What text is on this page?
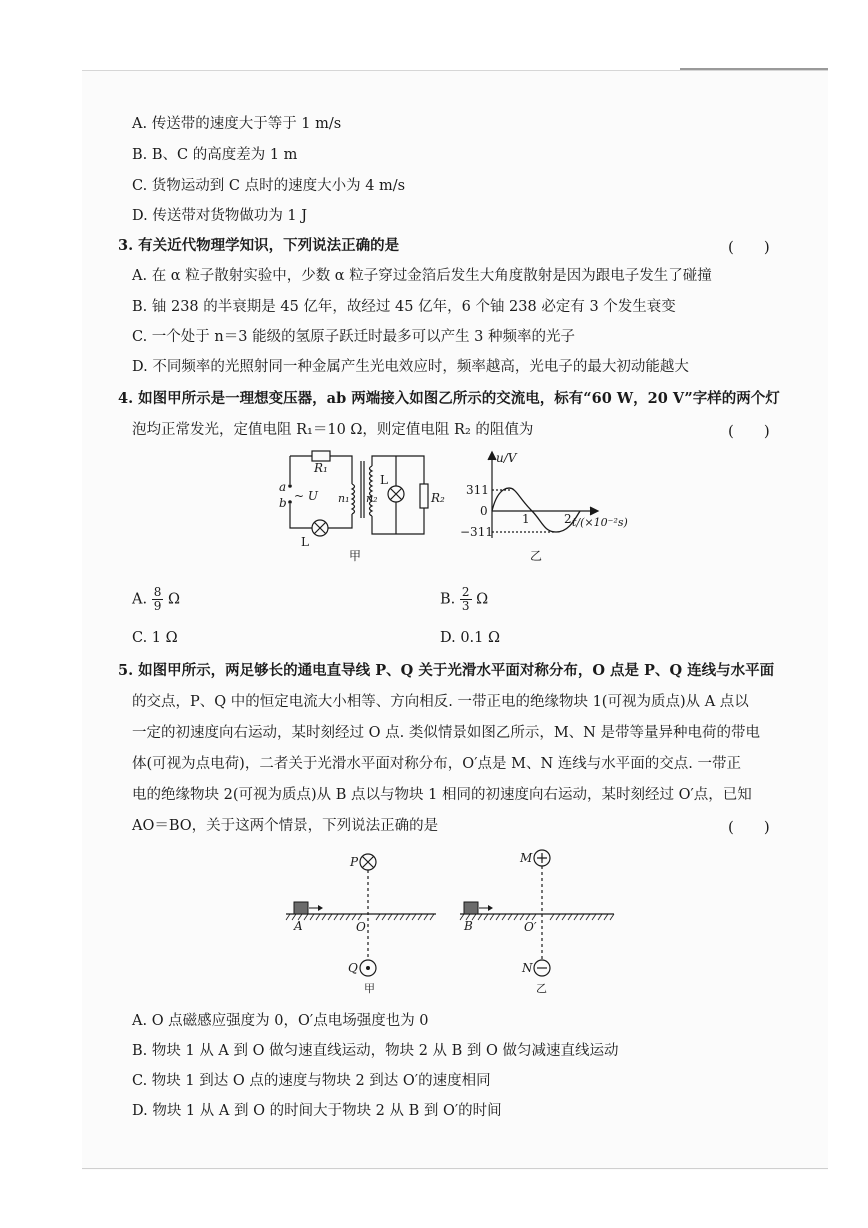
A. 传送带的速度大于等于 1 m/s
B. B、C 的高度差为 1 m
C. 货物运动到 C 点时的速度大小为 4 m/s
D. 传送带对货物做功为 1 J
3. 有关近代物理学知识，下列说法正确的是	(　　)
A. 在 α 粒子散射实验中，少数 α 粒子穿过金箔后发生大角度散射是因为跟电子发生了碰撞
B. 铀 238 的半衰期是 45 亿年，故经过 45 亿年，6 个铀 238 必定有 3 个发生衰变
C. 一个处于 n＝3 能级的氢原子跃迁时最多可以产生 3 种频率的光子
D. 不同频率的光照射同一种金属产生光电效应时，频率越高，光电子的最大初动能越大
4. 如图甲所示是一理想变压器，ab 两端接入如图乙所示的交流电，标有“60 W，20 V”字样的两个灯
泡均正常发光，定值电阻 R₁＝10 Ω，则定值电阻 R₂ 的阻值为	(　　)
R₁
a
b ~ U n₁ n₂
L
L
R₂
甲
u/V
311
0
−311
1	2 t/(×10⁻²s)
乙
A. $\frac{8}{9}$ Ω	B. $\frac{2}{3}$ Ω
C. 1 Ω	D. 0.1 Ω
5. 如图甲所示，两足够长的通电直导线 P、Q 关于光滑水平面对称分布，O 点是 P、Q 连线与水平面
的交点，P、Q 中的恒定电流大小相等、方向相反. 一带正电的绝缘物块 1(可视为质点)从 A 点以
一定的初速度向右运动，某时刻经过 O 点. 类似情景如图乙所示，M、N 是带等量异种电荷的带电
体(可视为点电荷)，二者关于光滑水平面对称分布，O′点是 M、N 连线与水平面的交点. 一带正
电的绝缘物块 2(可视为质点)从 B 点以与物块 1 相同的初速度向右运动，某时刻经过 O′点，已知
AO＝BO，关于这两个情景，下列说法正确的是	(　　)
P
Q
A	O
甲
M
N
B	O′
乙
A. O 点磁感应强度为 0，O′点电场强度也为 0
B. 物块 1 从 A 到 O 做匀速直线运动，物块 2 从 B 到 O 做匀减速直线运动
C. 物块 1 到达 O 点的速度与物块 2 到达 O′的速度相同
D. 物块 1 从 A 到 O 的时间大于物块 2 从 B 到 O′的时间
